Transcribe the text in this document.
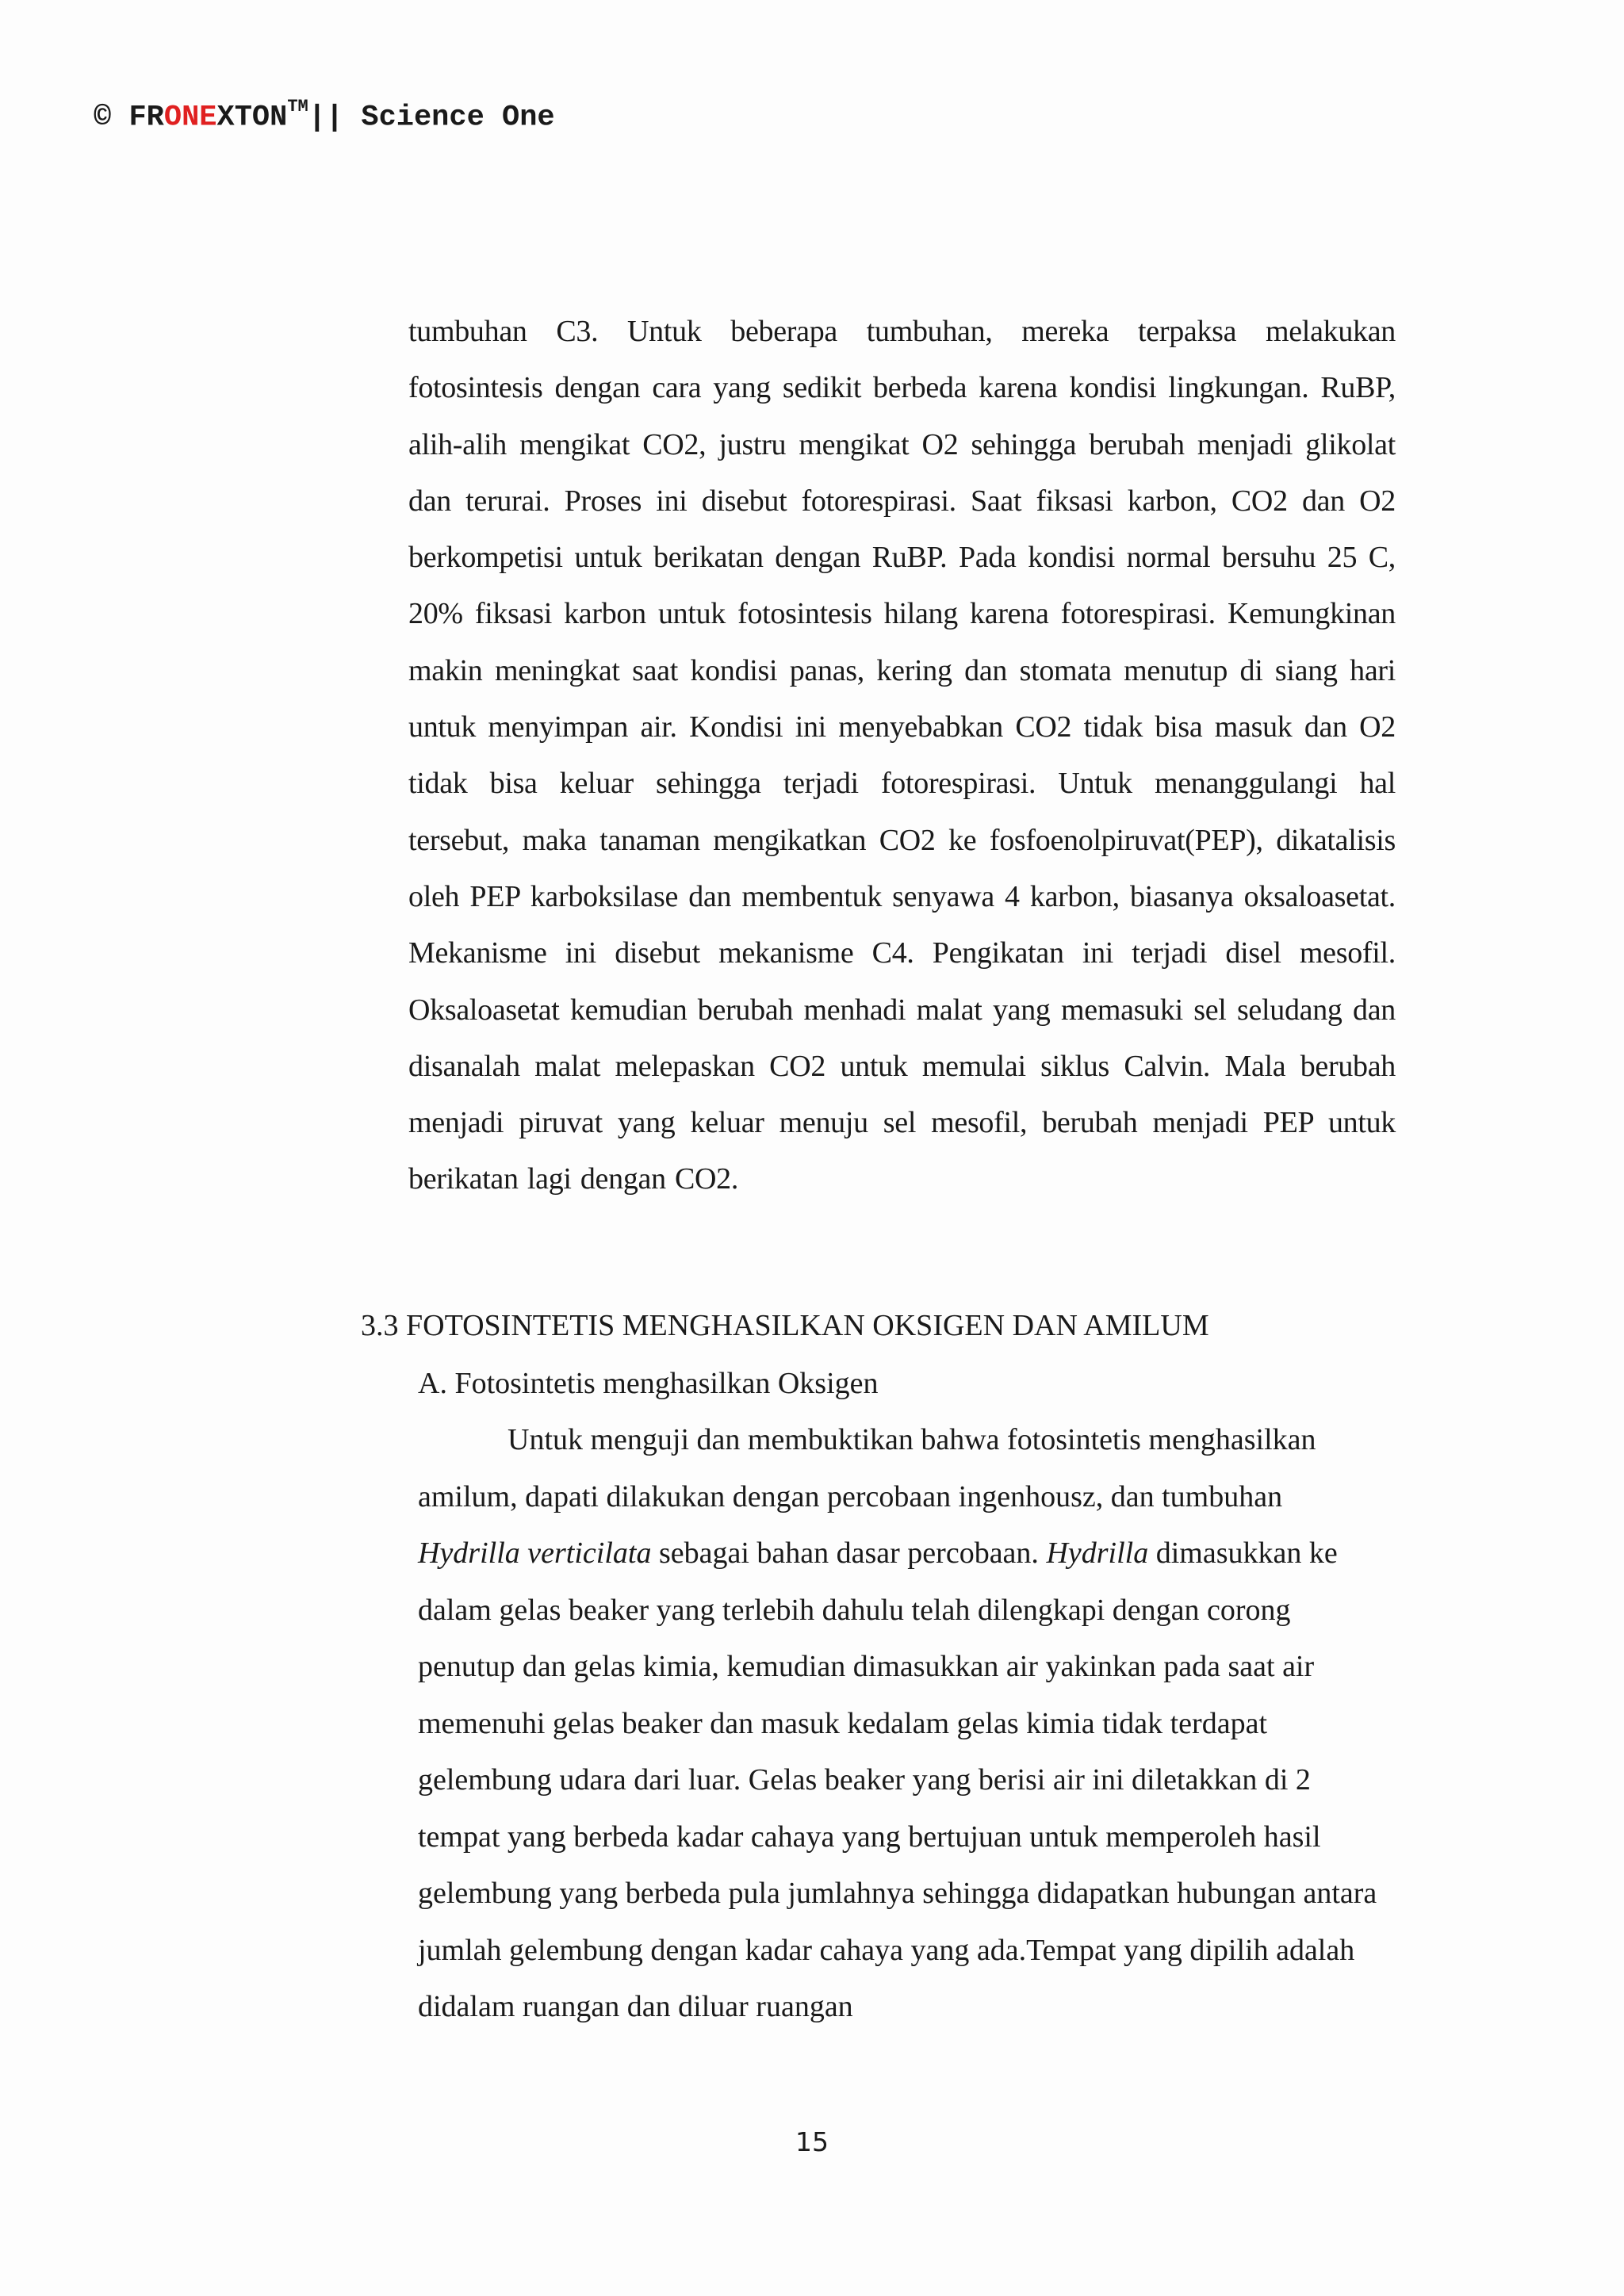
© FRONEXTON™|| Science One

tumbuhan C3. Untuk beberapa tumbuhan, mereka terpaksa melakukan fotosintesis dengan cara yang sedikit berbeda karena kondisi lingkungan. RuBP, alih-alih mengikat CO2, justru mengikat O2 sehingga berubah menjadi glikolat dan terurai. Proses ini disebut fotorespirasi. Saat fiksasi karbon, CO2 dan O2 berkompetisi untuk berikatan dengan RuBP. Pada kondisi normal bersuhu 25 C, 20% fiksasi karbon untuk fotosintesis hilang karena fotorespirasi. Kemungkinan makin meningkat saat kondisi panas, kering dan stomata menutup di siang hari untuk menyimpan air. Kondisi ini menyebabkan CO2 tidak bisa masuk dan O2 tidak bisa keluar sehingga terjadi fotorespirasi. Untuk menanggulangi hal tersebut, maka tanaman mengikatkan CO2 ke fosfoenolpiruvat(PEP), dikatalisis oleh PEP karboksilase dan membentuk senyawa 4 karbon, biasanya oksaloasetat. Mekanisme ini disebut mekanisme C4. Pengikatan ini terjadi disel mesofil. Oksaloasetat kemudian berubah menhadi malat yang memasuki sel seludang dan disanalah malat melepaskan CO2 untuk memulai siklus Calvin. Mala berubah menjadi piruvat yang keluar menuju sel mesofil, berubah menjadi PEP untuk berikatan lagi dengan CO2.

3.3 FOTOSINTETIS MENGHASILKAN OKSIGEN DAN AMILUM

A. Fotosintetis menghasilkan Oksigen

Untuk menguji dan membuktikan bahwa fotosintetis menghasilkan amilum, dapati dilakukan dengan percobaan ingenhousz, dan tumbuhan Hydrilla verticilata sebagai bahan dasar percobaan. Hydrilla dimasukkan ke dalam gelas beaker yang terlebih dahulu telah dilengkapi dengan corong penutup dan gelas kimia, kemudian dimasukkan air yakinkan pada saat air memenuhi gelas beaker dan masuk kedalam gelas kimia tidak terdapat gelembung udara dari luar. Gelas beaker yang berisi air ini diletakkan di 2 tempat yang berbeda kadar cahaya yang bertujuan untuk memperoleh hasil gelembung yang berbeda pula jumlahnya sehingga didapatkan hubungan antara jumlah gelembung dengan kadar cahaya yang ada.Tempat yang dipilih adalah didalam ruangan dan diluar ruangan

15
